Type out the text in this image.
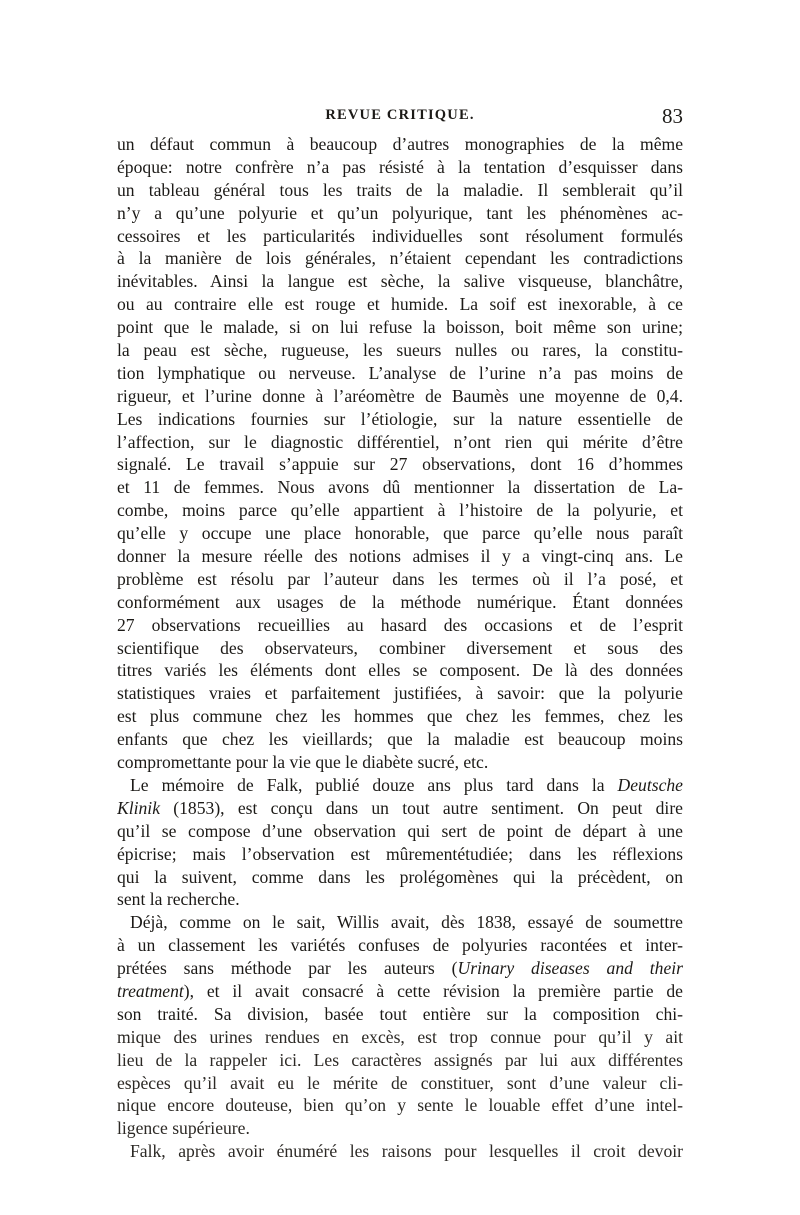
REVUE CRITIQUE.	83
un défaut commun à beaucoup d’autres monographies de la même
époque: notre confrère n’a pas résisté à la tentation d’esquisser dans
un tableau général tous les traits de la maladie. Il semblerait qu’il
n’y a qu’une polyurie et qu’un polyurique, tant les phénomènes ac-
cessoires et les particularités individuelles sont résolument formulés
à la manière de lois générales, n’étaient cependant les contradictions
inévitables. Ainsi la langue est sèche, la salive visqueuse, blanchâtre,
ou au contraire elle est rouge et humide. La soif est inexorable, à ce
point que le malade, si on lui refuse la boisson, boit même son urine;
la peau est sèche, rugueuse, les sueurs nulles ou rares, la constitu-
tion lymphatique ou nerveuse. L’analyse de l’urine n’a pas moins de
rigueur, et l’urine donne à l’aréomètre de Baumès une moyenne de 0,4.
Les indications fournies sur l’étiologie, sur la nature essentielle de
l’affection, sur le diagnostic différentiel, n’ont rien qui mérite d’être
signalé. Le travail s’appuie sur 27 observations, dont 16 d’hommes
et 11 de femmes. Nous avons dû mentionner la dissertation de La-
combe, moins parce qu’elle appartient à l’histoire de la polyurie, et
qu’elle y occupe une place honorable, que parce qu’elle nous paraît
donner la mesure réelle des notions admises il y a vingt-cinq ans. Le
problème est résolu par l’auteur dans les termes où il l’a posé, et
conformément aux usages de la méthode numérique. Étant données
27 observations recueillies au hasard des occasions et de l’esprit
scientifique des observateurs, combiner diversement et sous des
titres variés les éléments dont elles se composent. De là des données
statistiques vraies et parfaitement justifiées, à savoir: que la polyurie
est plus commune chez les hommes que chez les femmes, chez les
enfants que chez les vieillards; que la maladie est beaucoup moins
compromettante pour la vie que le diabète sucré, etc.
Le mémoire de Falk, publié douze ans plus tard dans la Deutsche
Klinik (1853), est conçu dans un tout autre sentiment. On peut dire
qu’il se compose d’une observation qui sert de point de départ à une
épicrise; mais l’observation est mûrementétudiée; dans les réflexions
qui la suivent, comme dans les prolégomènes qui la précèdent, on
sent la recherche.
Déjà, comme on le sait, Willis avait, dès 1838, essayé de soumettre
à un classement les variétés confuses de polyuries racontées et inter-
prétées sans méthode par les auteurs (Urinary diseases and their
treatment), et il avait consacré à cette révision la première partie de
son traité. Sa division, basée tout entière sur la composition chi-
mique des urines rendues en excès, est trop connue pour qu’il y ait
lieu de la rappeler ici. Les caractères assignés par lui aux différentes
espèces qu’il avait eu le mérite de constituer, sont d’une valeur cli-
nique encore douteuse, bien qu’on y sente le louable effet d’une intel-
ligence supérieure.
Falk, après avoir énuméré les raisons pour lesquelles il croit devoir
